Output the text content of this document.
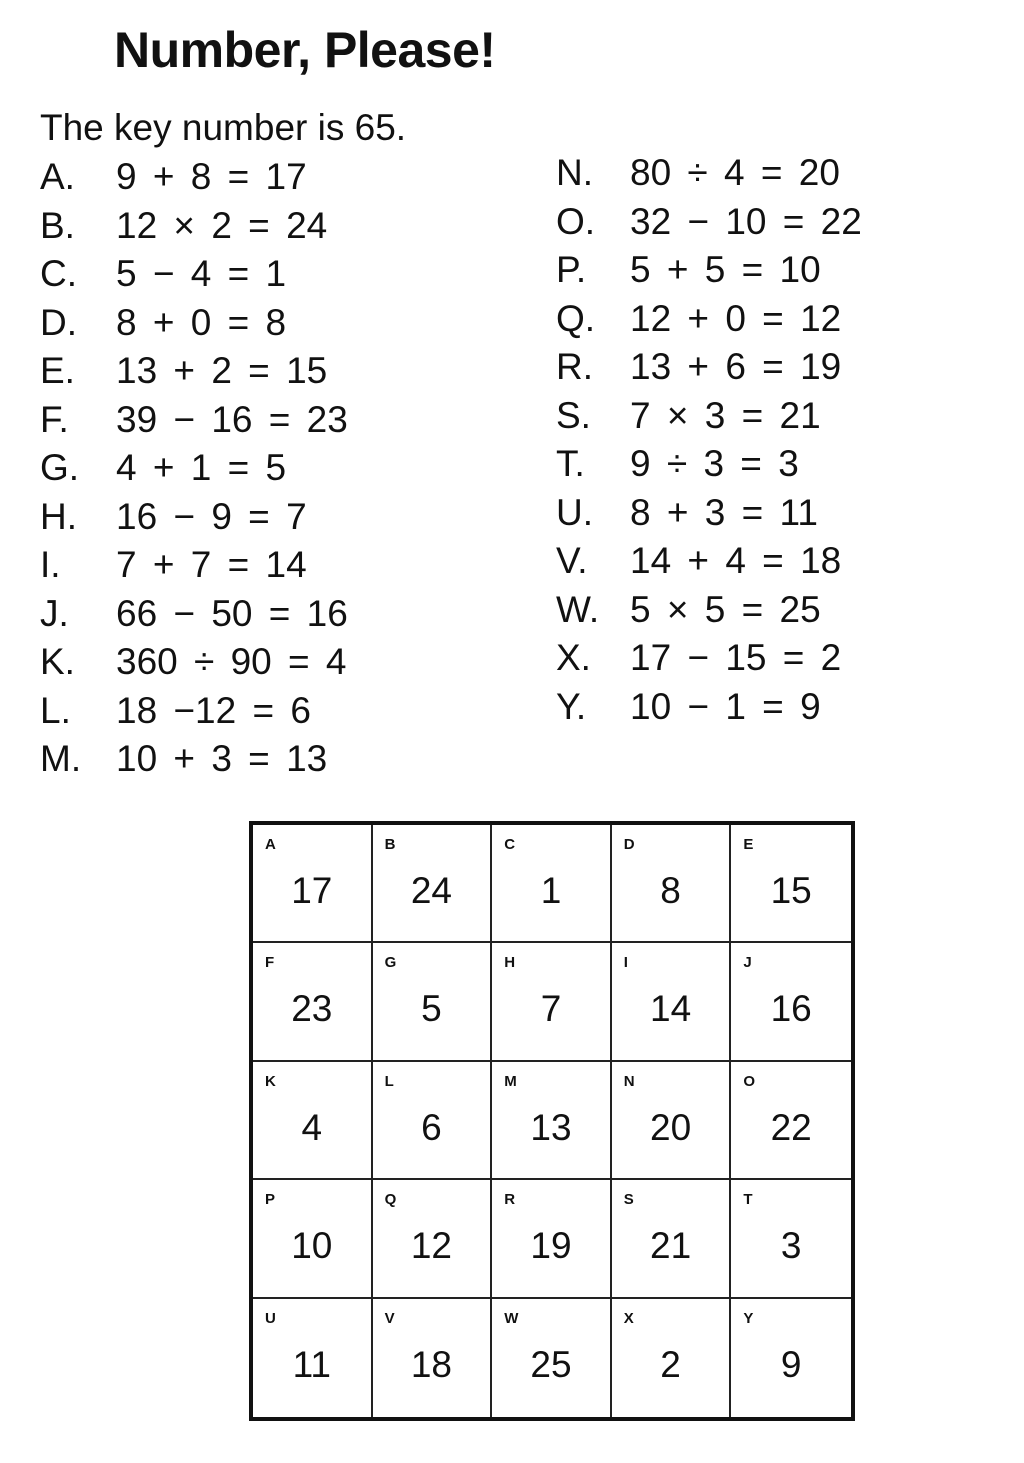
Number, Please!
The key number is 65.
A. 9 + 8 = 17
B. 12 × 2 = 24
C. 5 − 4 = 1
D. 8 + 0 = 8
E. 13 + 2 = 15
F. 39 − 16 = 23
G. 4 + 1 = 5
H. 16 − 9 = 7
I. 7 + 7 = 14
J. 66 − 50 = 16
K. 360 ÷ 90 = 4
L. 18 −12 = 6
M. 10 + 3 = 13
N. 80 ÷ 4 = 20
O. 32 − 10 = 22
P. 5 + 5 = 10
Q. 12 + 0 = 12
R. 13 + 6 = 19
S. 7 × 3 = 21
T. 9 ÷ 3 = 3
U. 8 + 3 = 11
V. 14 + 4 = 18
W. 5 × 5 = 25
X. 17 − 15 = 2
Y. 10 − 1 = 9
A
17
B
24
C
1
D
8
E
15
F
23
G
5
H
7
I
14
J
16
K
4
L
6
M
13
N
20
O
22
P
10
Q
12
R
19
S
21
T
3
U
11
V
18
W
25
X
2
Y
9
